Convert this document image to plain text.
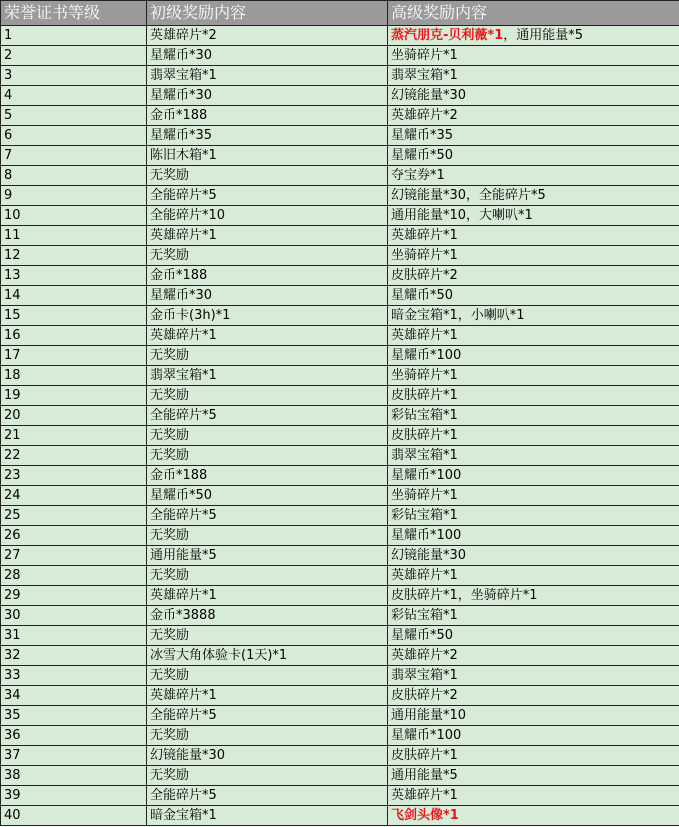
荣誉证书等级	初级奖励内容	高级奖励内容
1	英雄碎片*2	蒸汽朋克-贝利薇*1，通用能量*5
2	星耀币*30	坐骑碎片*1
3	翡翠宝箱*1	翡翠宝箱*1
4	星耀币*30	幻镜能量*30
5	金币*188	英雄碎片*2
6	星耀币*35	星耀币*35
7	陈旧木箱*1	星耀币*50
8	无奖励	夺宝券*1
9	全能碎片*5	幻镜能量*30，全能碎片*5
10	全能碎片*10	通用能量*10，大喇叭*1
11	英雄碎片*1	英雄碎片*1
12	无奖励	坐骑碎片*1
13	金币*188	皮肤碎片*2
14	星耀币*30	星耀币*50
15	金币卡(3h)*1	暗金宝箱*1，小喇叭*1
16	英雄碎片*1	英雄碎片*1
17	无奖励	星耀币*100
18	翡翠宝箱*1	坐骑碎片*1
19	无奖励	皮肤碎片*1
20	全能碎片*5	彩钻宝箱*1
21	无奖励	皮肤碎片*1
22	无奖励	翡翠宝箱*1
23	金币*188	星耀币*100
24	星耀币*50	坐骑碎片*1
25	全能碎片*5	彩钻宝箱*1
26	无奖励	星耀币*100
27	通用能量*5	幻镜能量*30
28	无奖励	英雄碎片*1
29	英雄碎片*1	皮肤碎片*1，坐骑碎片*1
30	金币*3888	彩钻宝箱*1
31	无奖励	星耀币*50
32	冰雪大角体验卡(1天)*1	英雄碎片*2
33	无奖励	翡翠宝箱*1
34	英雄碎片*1	皮肤碎片*2
35	全能碎片*5	通用能量*10
36	无奖励	星耀币*100
37	幻镜能量*30	皮肤碎片*1
38	无奖励	通用能量*5
39	全能碎片*5	英雄碎片*1
40	暗金宝箱*1	飞剑头像*1
